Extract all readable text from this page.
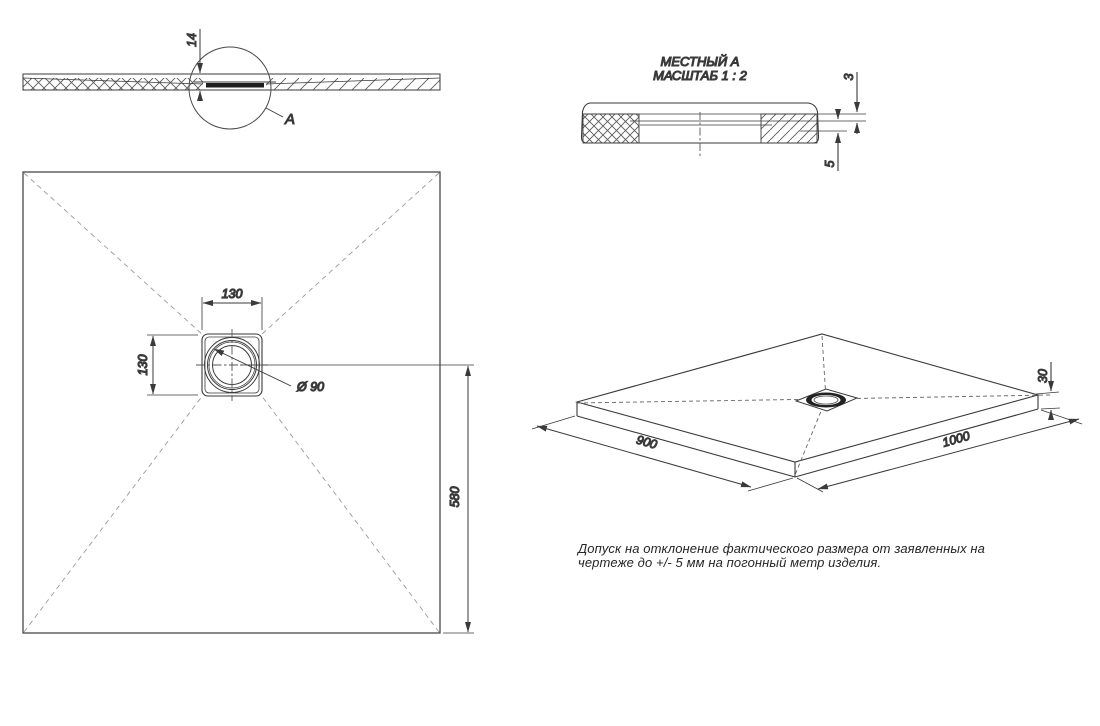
14
A
МЕСТНЫЙ А
МАСШТАБ 1 : 2	3
5
130
130
Ø 90
580
900	1000
30
Допуск на отклонение фактического размера от заявленных на
чертеже до +/- 5 мм на погонный метр изделия.
